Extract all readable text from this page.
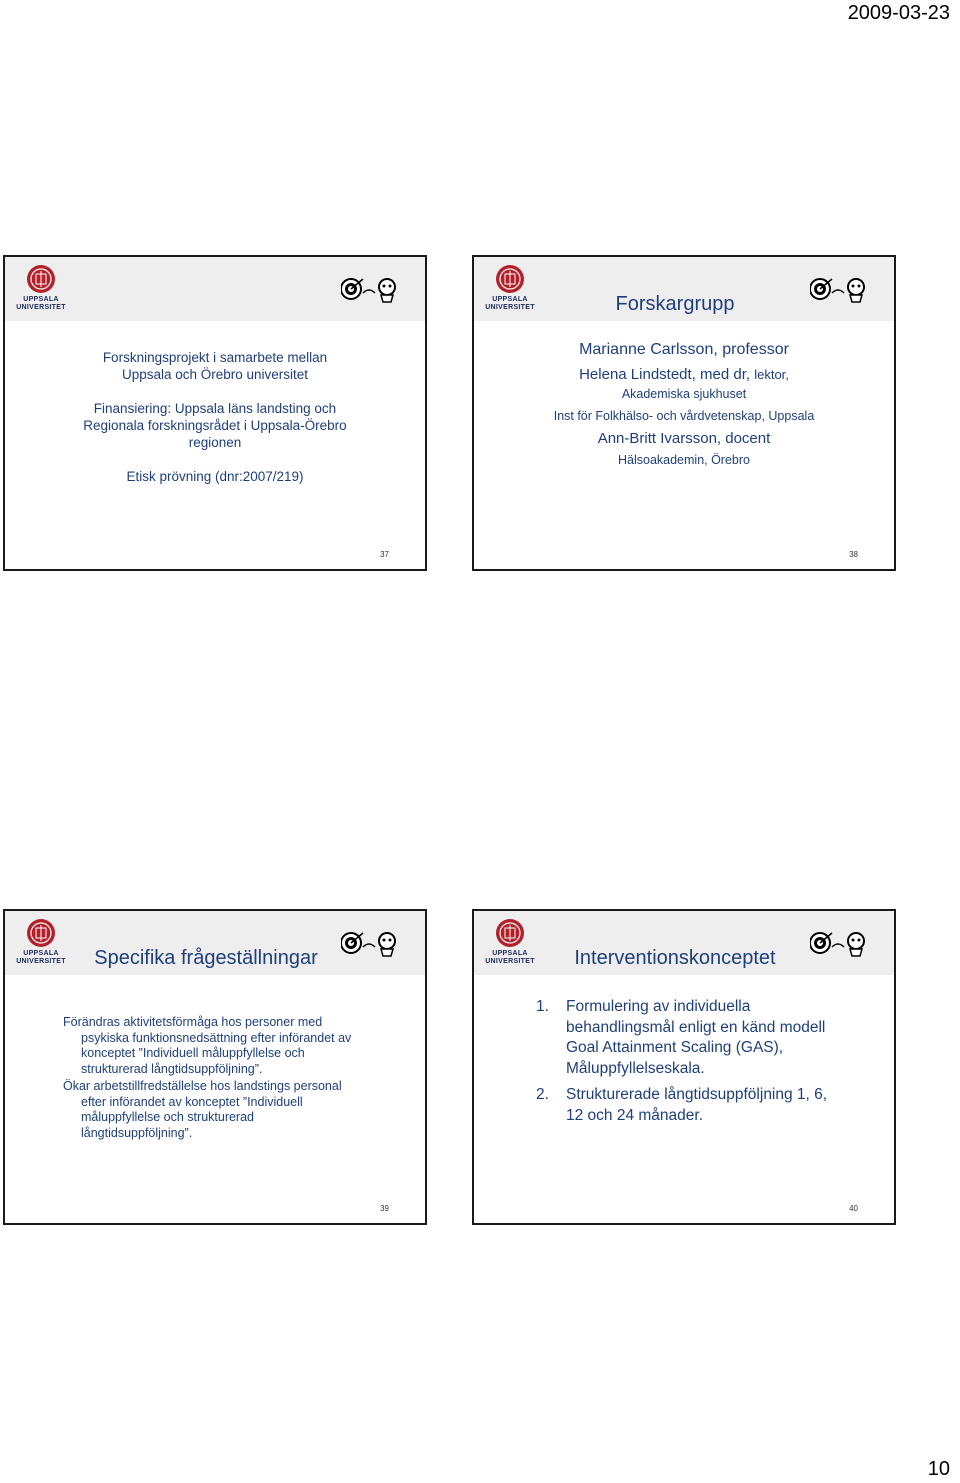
2009-03-23
UPPSALA
UNIVERSITET

Forskningsprojekt i samarbete mellan

Uppsala och Örebro universitet

Finansiering: Uppsala läns landsting och

Regionala forskningsrådet i Uppsala-Örebro

regionen

Etisk prövning (dnr:2007/219)

37
UPPSALA
UNIVERSITET	Forskargrupp

Marianne Carlsson, professor

Helena Lindstedt, med dr, lektor,

Akademiska sjukhuset

Inst för Folkhälso- och vårdvetenskap, Uppsala

Ann-Britt Ivarsson, docent

Hälsoakademin, Örebro

38
UPPSALA
UNIVERSITET	Specifika frågeställningar

Förändras aktivitetsförmåga hos personer med psykiska funktionsnedsättning efter införandet av konceptet ”Individuell måluppfyllelse och strukturerad långtidsuppföljning”.

Ökar arbetstillfredställelse hos landstings personal efter införandet av konceptet ”Individuell måluppfyllelse och strukturerad långtidsuppföljning”.

39
UPPSALA
UNIVERSITET	Interventionskonceptet
1. Formulering av individuella behandlingsmål enligt en känd modell Goal Attainment Scaling (GAS), Måluppfyllelseskala.
2. Strukturerade långtidsuppföljning 1, 6, 12 och 24 månader.
40
10
